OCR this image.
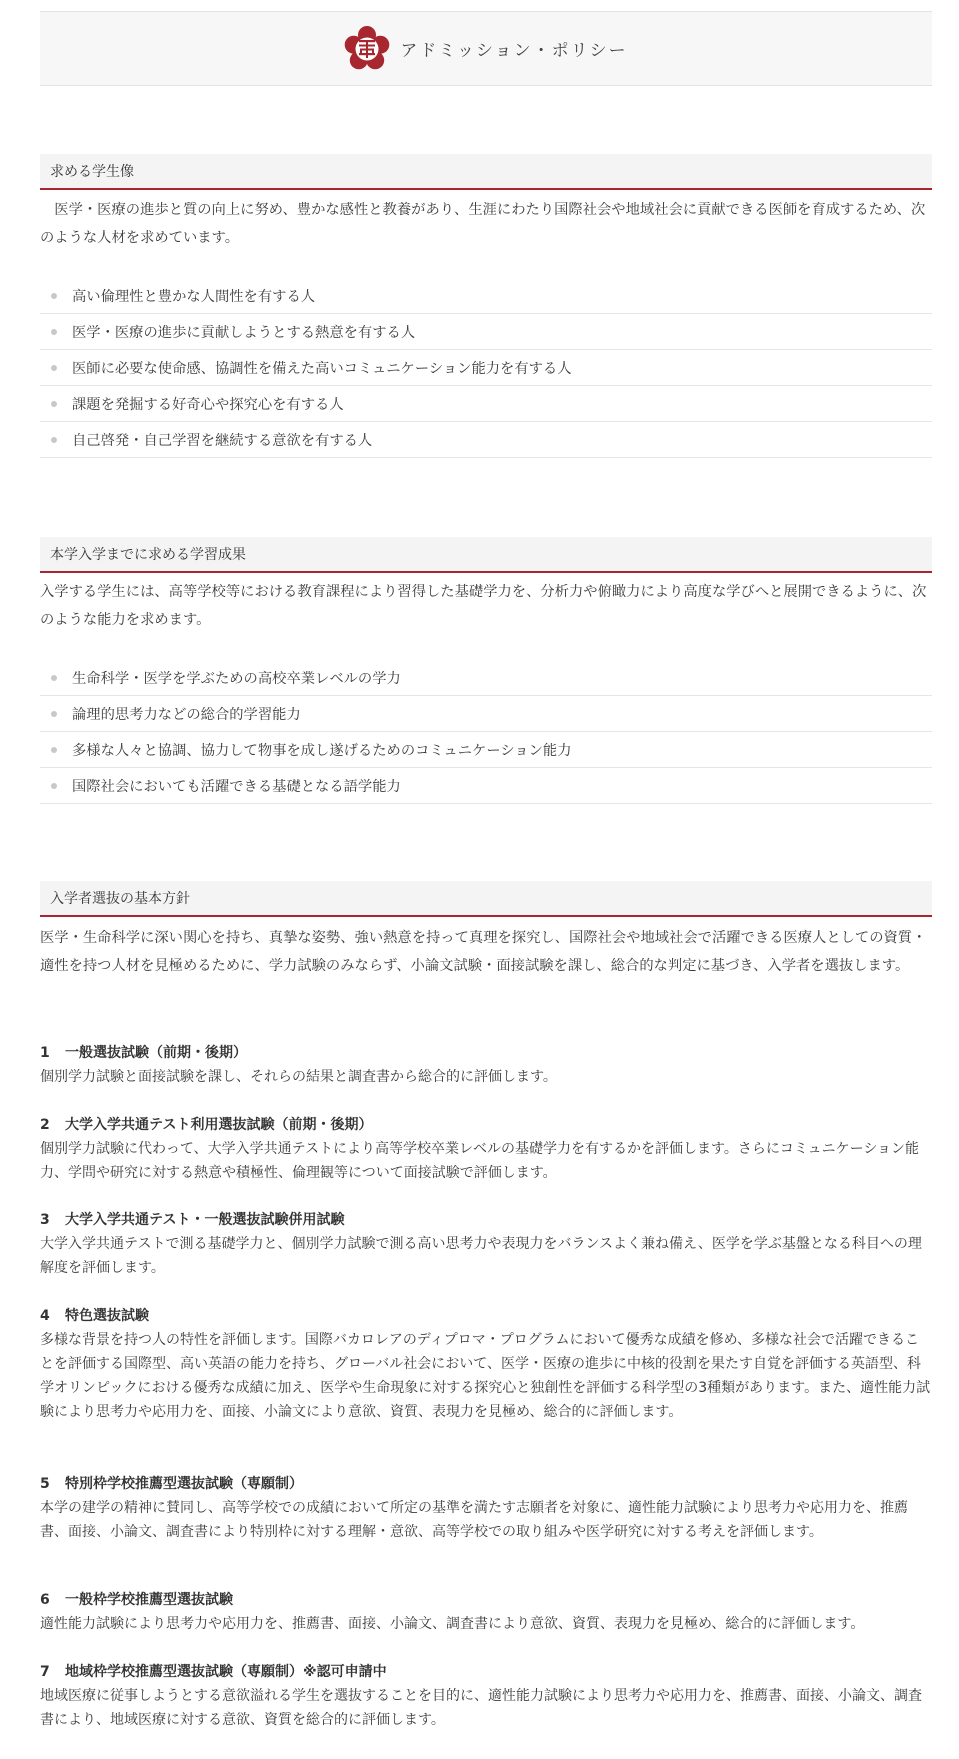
アドミッション・ポリシー
求める学生像

　医学・医療の進歩と質の向上に努め、豊かな感性と教養があり、生涯にわたり国際社会や地域社会に貢献できる医師を育成するため、次のような人材を求めています。

高い倫理性と豊かな人間性を有する人
医学・医療の進歩に貢献しようとする熱意を有する人
医師に必要な使命感、協調性を備えた高いコミュニケーション能力を有する人
課題を発掘する好奇心や探究心を有する人
自己啓発・自己学習を継続する意欲を有する人
本学入学までに求める学習成果

入学する学生には、高等学校等における教育課程により習得した基礎学力を、分析力や俯瞰力により高度な学びへと展開できるように、次のような能力を求めます。

生命科学・医学を学ぶための高校卒業レベルの学力
論理的思考力などの総合的学習能力
多様な人々と協調、協力して物事を成し遂げるためのコミュニケーション能力
国際社会においても活躍できる基礎となる語学能力
入学者選抜の基本方針

医学・生命科学に深い関心を持ち、真摯な姿勢、強い熱意を持って真理を探究し、国際社会や地域社会で活躍できる医療人としての資質・適性を持つ人材を見極めるために、学力試験のみならず、小論文試験・面接試験を課し、総合的な判定に基づき、入学者を選抜します。

1 一般選抜試験（前期・後期）

個別学力試験と面接試験を課し、それらの結果と調査書から総合的に評価します。

2 大学入学共通テスト利用選抜試験（前期・後期）

個別学力試験に代わって、大学入学共通テストにより高等学校卒業レベルの基礎学力を有するかを評価します。さらにコミュニケーション能力、学問や研究に対する熱意や積極性、倫理観等について面接試験で評価します。

3 大学入学共通テスト・一般選抜試験併用試験

大学入学共通テストで測る基礎学力と、個別学力試験で測る高い思考力や表現力をバランスよく兼ね備え、医学を学ぶ基盤となる科目への理解度を評価します。

4 特色選抜試験

多様な背景を持つ人の特性を評価します。国際バカロレアのディプロマ・プログラムにおいて優秀な成績を修め、多様な社会で活躍できることを評価する国際型、高い英語の能力を持ち、グローバル社会において、医学・医療の進歩に中核的役割を果たす自覚を評価する英語型、科学オリンピックにおける優秀な成績に加え、医学や生命現象に対する探究心と独創性を評価する科学型の3種類があります。また、適性能力試験により思考力や応用力を、面接、小論文により意欲、資質、表現力を見極め、総合的に評価します。

5 特別枠学校推薦型選抜試験（専願制）

本学の建学の精神に賛同し、高等学校での成績において所定の基準を満たす志願者を対象に、適性能力試験により思考力や応用力を、推薦書、面接、小論文、調査書により特別枠に対する理解・意欲、高等学校での取り組みや医学研究に対する考えを評価します。

6 一般枠学校推薦型選抜試験

適性能力試験により思考力や応用力を、推薦書、面接、小論文、調査書により意欲、資質、表現力を見極め、総合的に評価します。

7 地域枠学校推薦型選抜試験（専願制）※認可申請中

地域医療に従事しようとする意欲溢れる学生を選抜することを目的に、適性能力試験により思考力や応用力を、推薦書、面接、小論文、調査書により、地域医療に対する意欲、資質を総合的に評価します。
